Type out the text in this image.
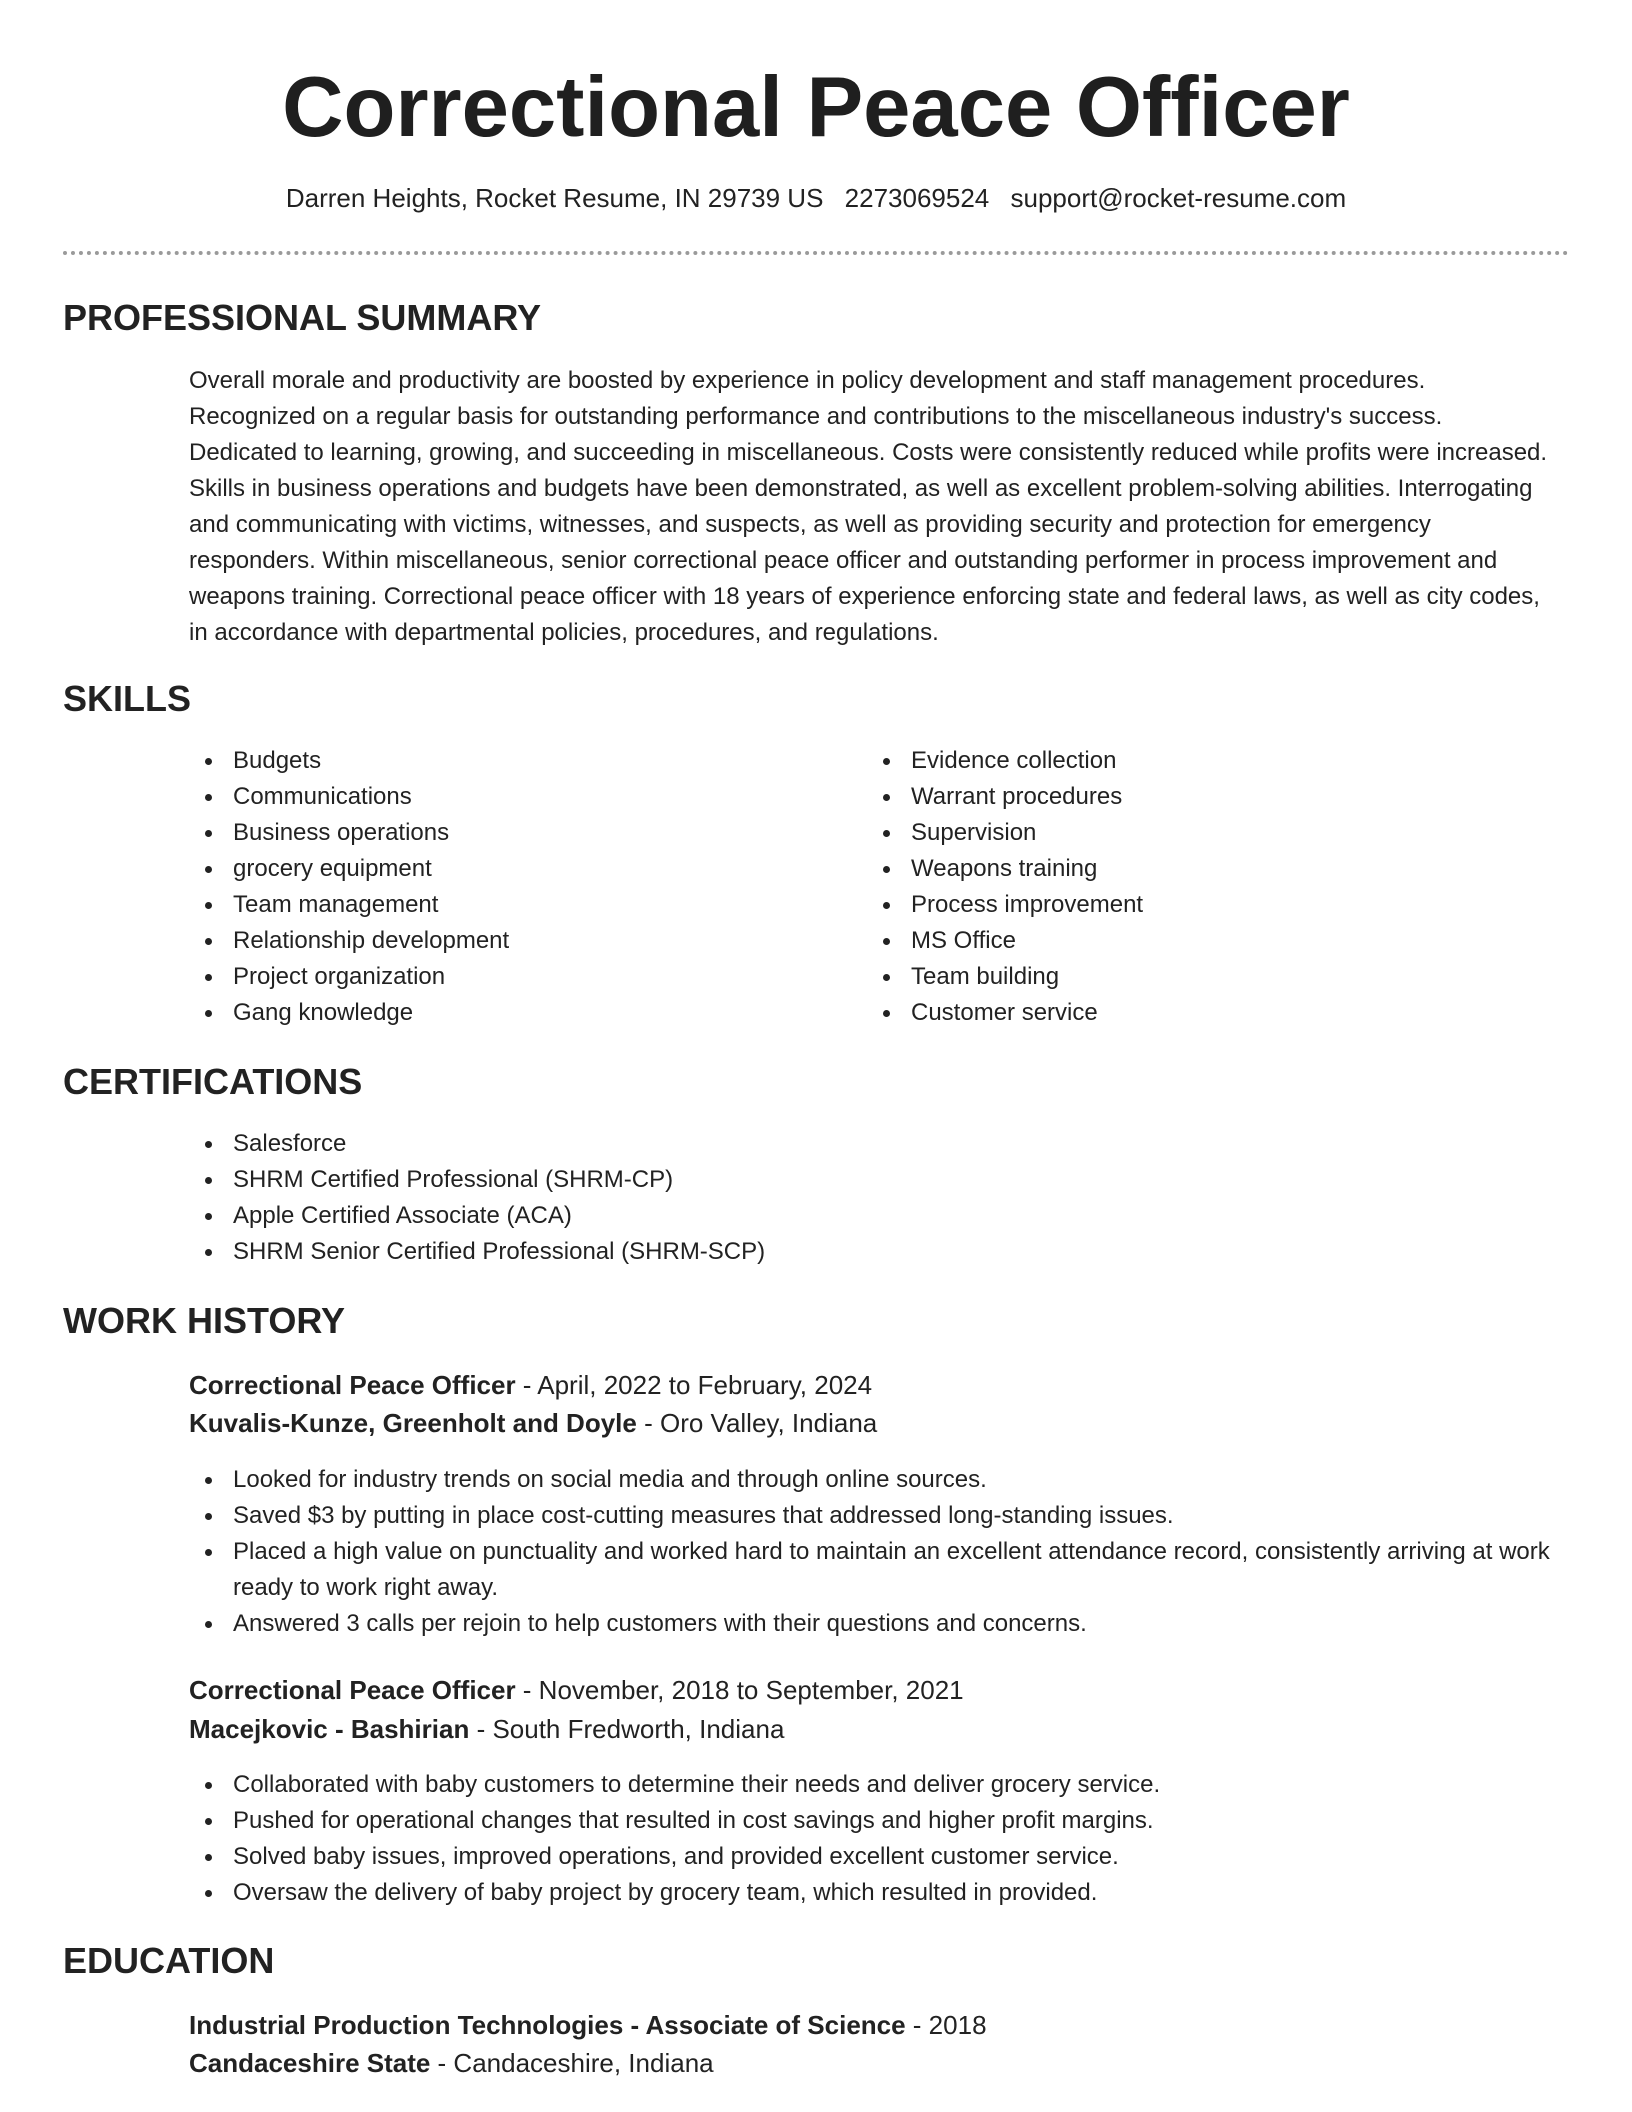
Correctional Peace Officer
Darren Heights, Rocket Resume, IN 29739 US 2273069524 support@rocket-resume.com
PROFESSIONAL SUMMARY

Overall morale and productivity are boosted by experience in policy development and staff management procedures. Recognized on a regular basis for outstanding performance and contributions to the miscellaneous industry's success. Dedicated to learning, growing, and succeeding in miscellaneous. Costs were consistently reduced while profits were increased. Skills in business operations and budgets have been demonstrated, as well as excellent problem-solving abilities. Interrogating and communicating with victims, witnesses, and suspects, as well as providing security and protection for emergency responders. Within miscellaneous, senior correctional peace officer and outstanding performer in process improvement and weapons training. Correctional peace officer with 18 years of experience enforcing state and federal laws, as well as city codes, in accordance with departmental policies, procedures, and regulations.

SKILLS
Budgets
Communications
Business operations
grocery equipment
Team management
Relationship development
Project organization
Gang knowledge
Evidence collection
Warrant procedures
Supervision
Weapons training
Process improvement
MS Office
Team building
Customer service
CERTIFICATIONS
Salesforce
SHRM Certified Professional (SHRM-CP)
Apple Certified Associate (ACA)
SHRM Senior Certified Professional (SHRM-SCP)
WORK HISTORY

Correctional Peace Officer - April, 2022 to February, 2024

Kuvalis-Kunze, Greenholt and Doyle - Oro Valley, Indiana

Looked for industry trends on social media and through online sources.
Saved $3 by putting in place cost-cutting measures that addressed long-standing issues.
Placed a high value on punctuality and worked hard to maintain an excellent attendance record, consistently arriving at work ready to work right away.
Answered 3 calls per rejoin to help customers with their questions and concerns.

Correctional Peace Officer - November, 2018 to September, 2021

Macejkovic - Bashirian - South Fredworth, Indiana

Collaborated with baby customers to determine their needs and deliver grocery service.
Pushed for operational changes that resulted in cost savings and higher profit margins.
Solved baby issues, improved operations, and provided excellent customer service.
Oversaw the delivery of baby project by grocery team, which resulted in provided.
EDUCATION

Industrial Production Technologies - Associate of Science - 2018

Candaceshire State - Candaceshire, Indiana
